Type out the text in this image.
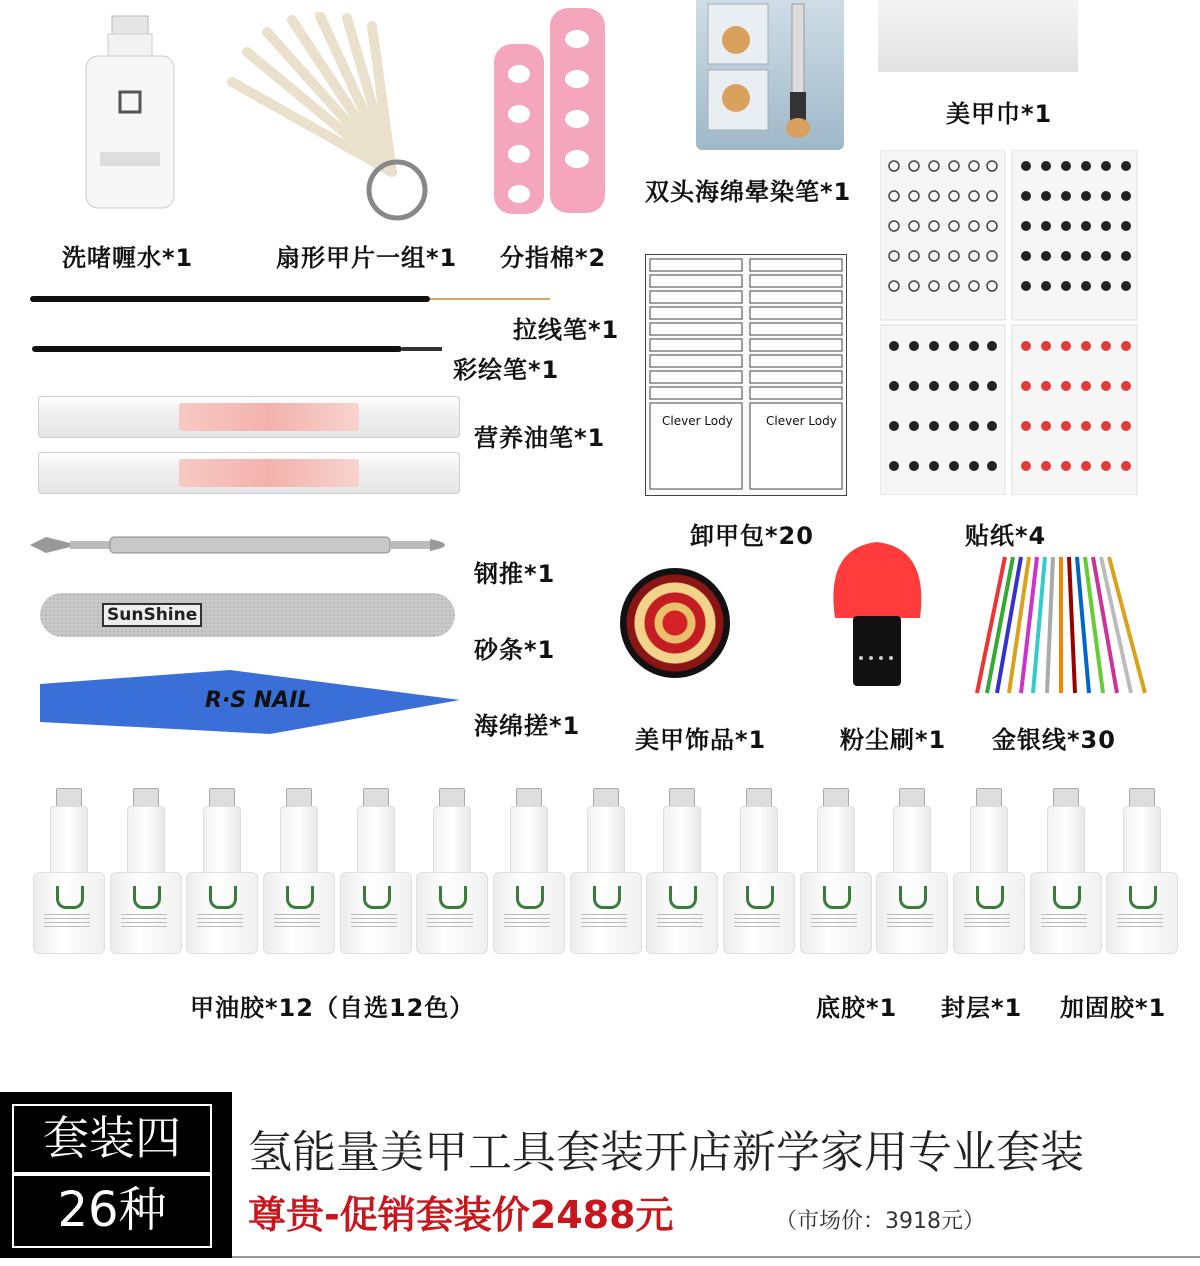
洗啫喱水*1	扇形甲片一组*1 分指棉*2
双头海绵晕染笔*1
美甲巾*1
贴纸*4
拉线笔*1
彩绘笔*1
营养油笔*1
Clever Lody	Clever Lody
卸甲包*20
钢推*1
SunShine
砂条*1
R·S NAIL
海绵搓*1 美甲饰品*1	粉尘刷*1 金银线*30
甲油胶*12（自选12色）	底胶*1 封层*1 加固胶*1
套装四
26种
氢能量美甲工具套装开店新学家用专业套装
尊贵-促销套装价2488元	（市场价：3918元）
